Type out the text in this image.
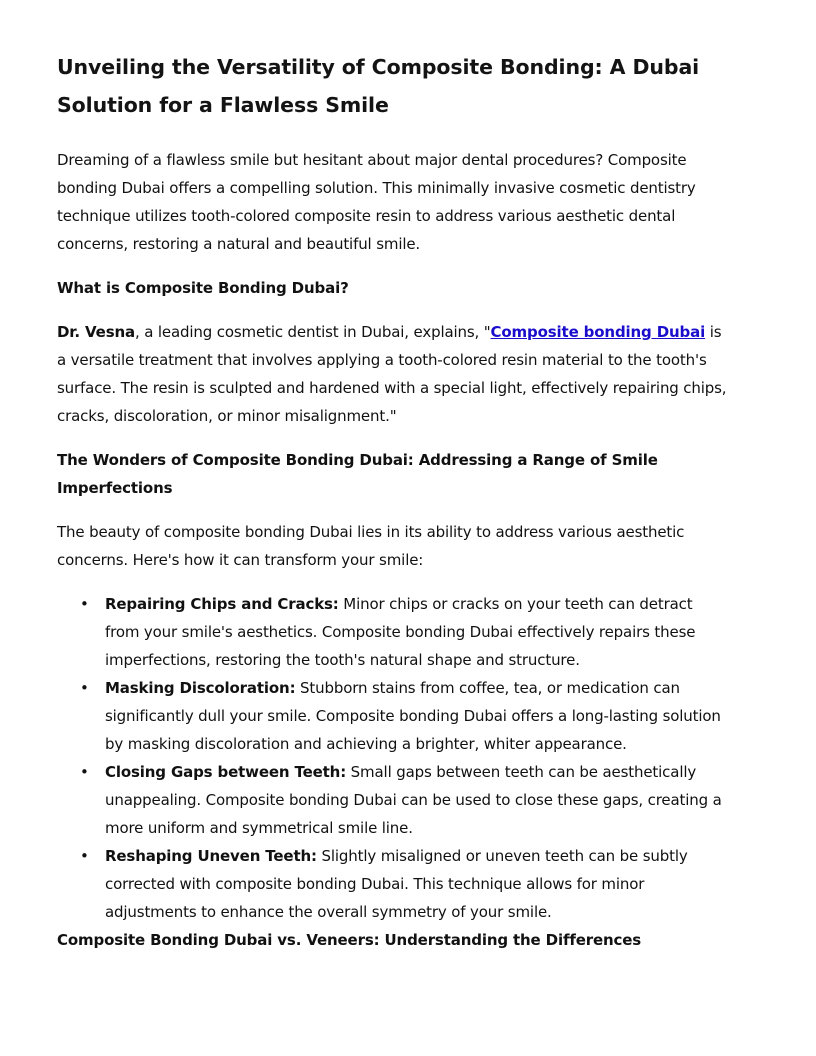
Unveiling the Versatility of Composite Bonding: A Dubai Solution for a Flawless Smile

Dreaming of a flawless smile but hesitant about major dental procedures? Composite bonding Dubai offers a compelling solution. This minimally invasive cosmetic dentistry technique utilizes tooth-colored composite resin to address various aesthetic dental concerns, restoring a natural and beautiful smile.

What is Composite Bonding Dubai?

Dr. Vesna, a leading cosmetic dentist in Dubai, explains, "Composite bonding Dubai is a versatile treatment that involves applying a tooth-colored resin material to the tooth's surface. The resin is sculpted and hardened with a special light, effectively repairing chips, cracks, discoloration, or minor misalignment."

The Wonders of Composite Bonding Dubai: Addressing a Range of Smile Imperfections

The beauty of composite bonding Dubai lies in its ability to address various aesthetic concerns. Here's how it can transform your smile:

• Repairing Chips and Cracks: Minor chips or cracks on your teeth can detract from your smile's aesthetics. Composite bonding Dubai effectively repairs these imperfections, restoring the tooth's natural shape and structure.
• Masking Discoloration: Stubborn stains from coffee, tea, or medication can significantly dull your smile. Composite bonding Dubai offers a long-lasting solution by masking discoloration and achieving a brighter, whiter appearance.
• Closing Gaps between Teeth: Small gaps between teeth can be aesthetically unappealing. Composite bonding Dubai can be used to close these gaps, creating a more uniform and symmetrical smile line.
• Reshaping Uneven Teeth: Slightly misaligned or uneven teeth can be subtly corrected with composite bonding Dubai. This technique allows for minor adjustments to enhance the overall symmetry of your smile.
Composite Bonding Dubai vs. Veneers: Understanding the Differences
